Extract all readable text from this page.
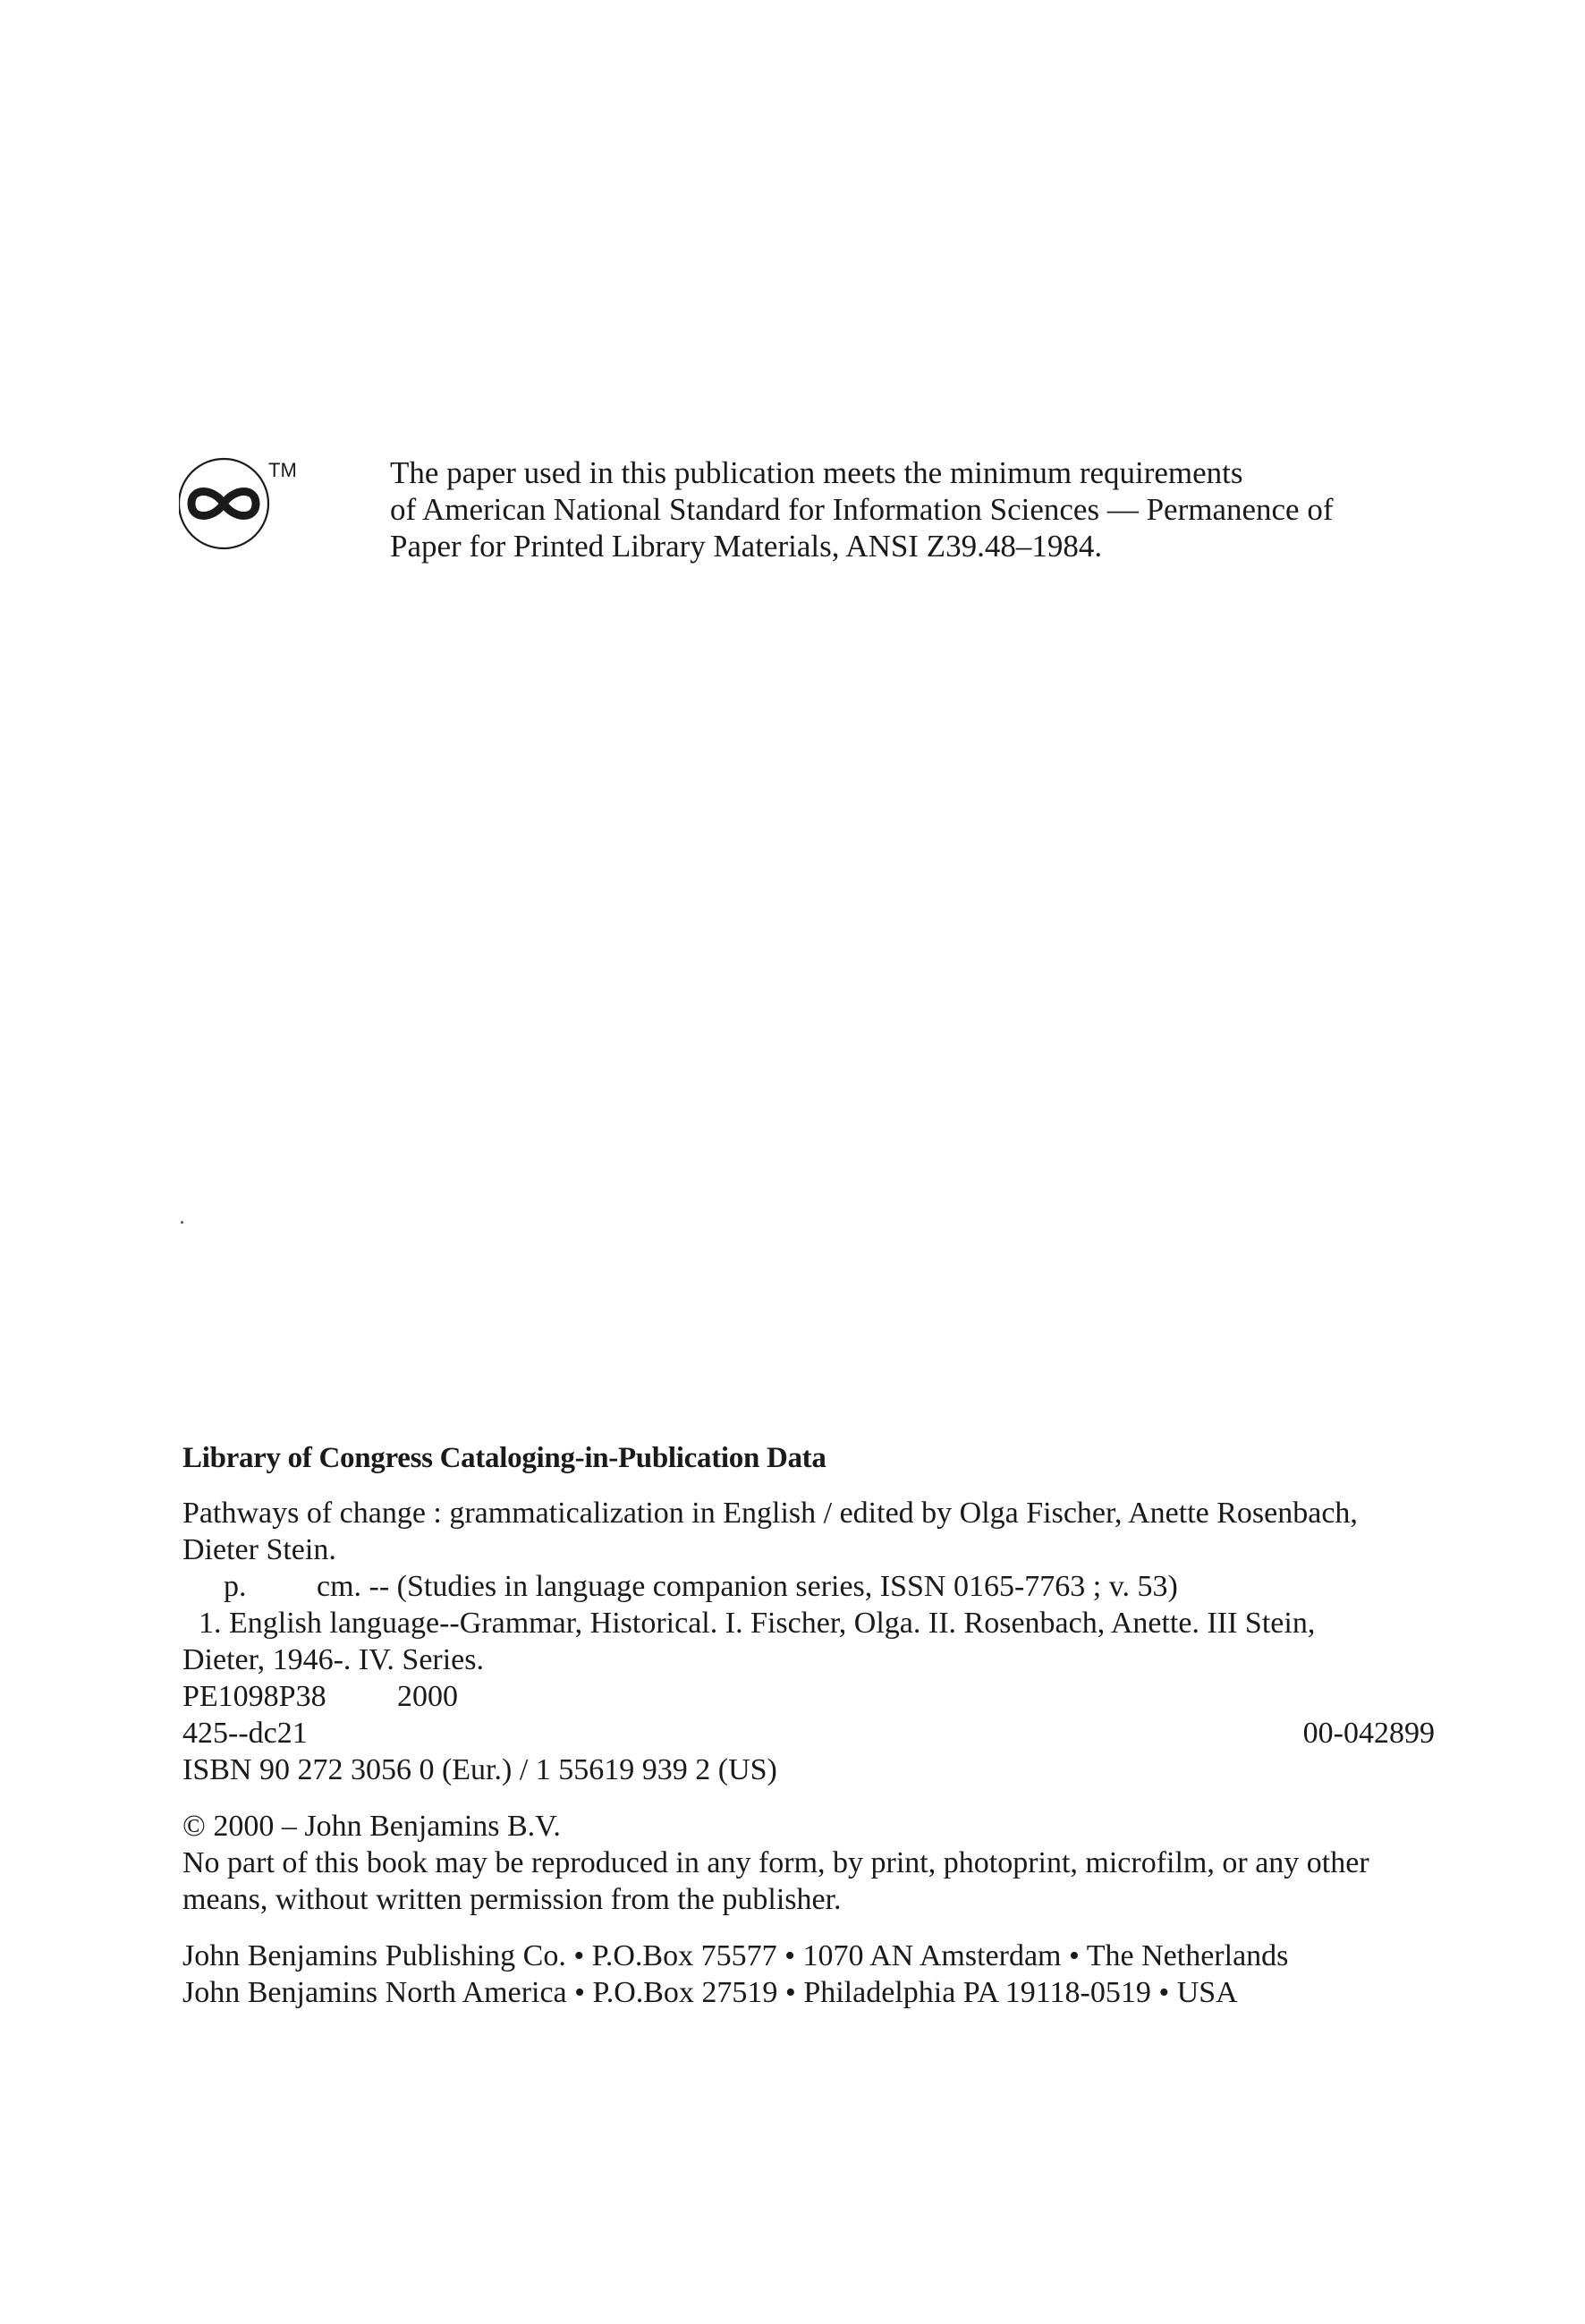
TM	The paper used in this publication meets the minimum requirements
of American National Standard for Information Sciences — Permanence of
Paper for Printed Library Materials, ANSI Z39.48–1984.
Library of Congress Cataloging-in-Publication Data
Pathways of change : grammaticalization in English / edited by Olga Fischer, Anette Rosenbach,
Dieter Stein.
p. cm. -- (Studies in language companion series, ISSN 0165-7763 ; v. 53)
1. English language--Grammar, Historical. I. Fischer, Olga. II. Rosenbach, Anette. III Stein,
Dieter, 1946-. IV. Series.
PE1098P38 2000
425--dc21	00-042899
ISBN 90 272 3056 0 (Eur.) / 1 55619 939 2 (US)
© 2000 – John Benjamins B.V.
No part of this book may be reproduced in any form, by print, photoprint, microfilm, or any other
means, without written permission from the publisher.
John Benjamins Publishing Co. • P.O.Box 75577 • 1070 AN Amsterdam • The Netherlands
John Benjamins North America • P.O.Box 27519 • Philadelphia PA 19118-0519 • USA
